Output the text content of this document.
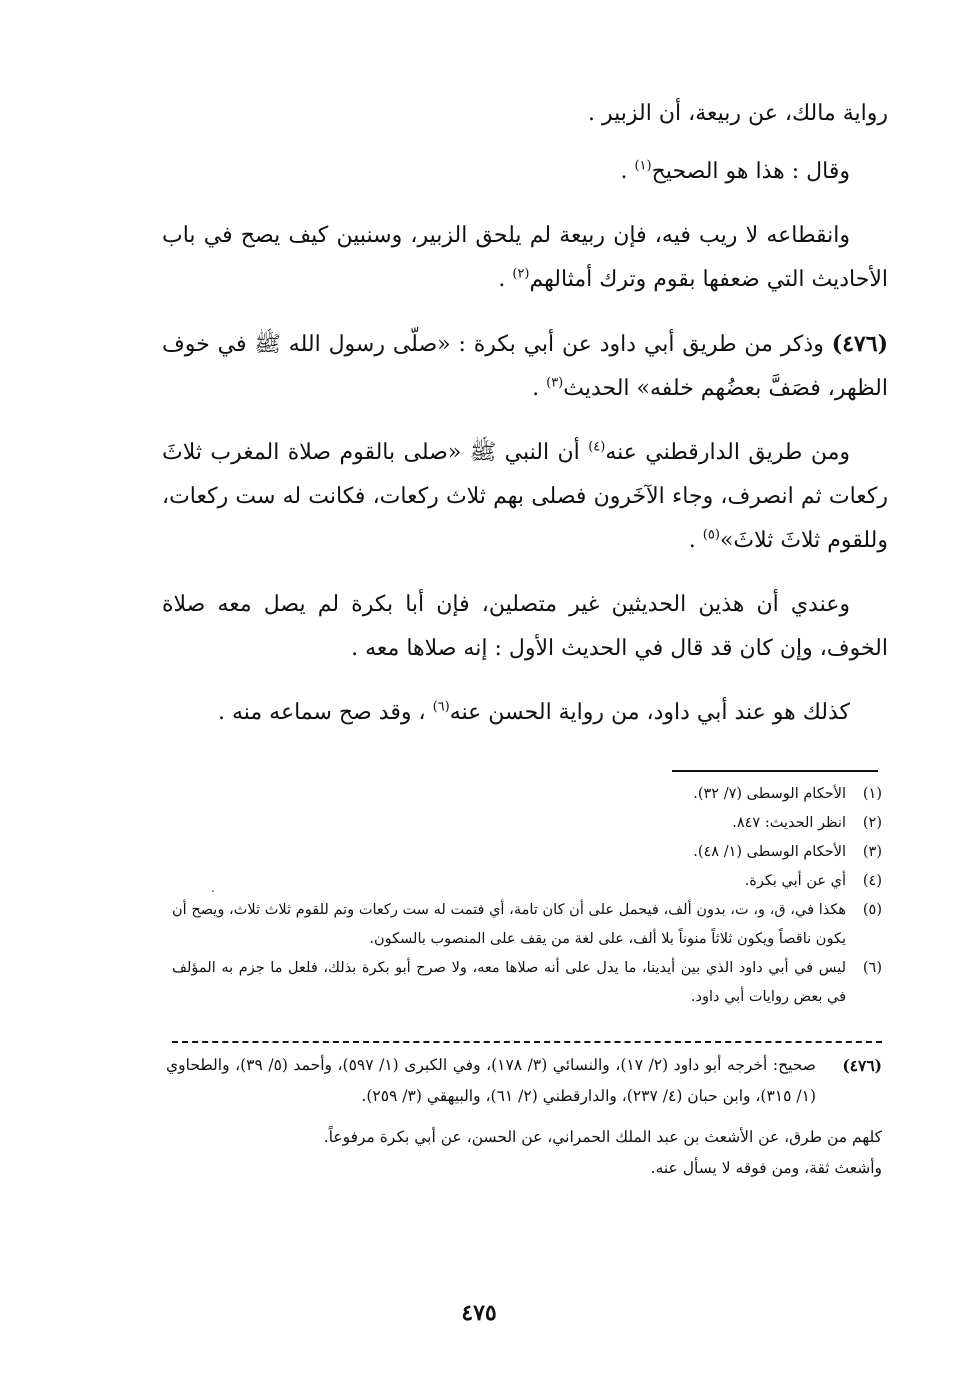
رواية مالك، عن ربيعة، أن الزبير .

وقال : هذا هو الصحيح$^{(١)}$ .

وانقطاعه لا ريب فيه، فإن ربيعة لم يلحق الزبير، وسنبين كيف يصح في باب الأحاديث التي ضعفها بقوم وترك أمثالهم$^{(٢)}$ .

(٤٧٦) وذكر من طريق أبي داود عن أبي بكرة : «صلّى رسول الله ﷺ في خوف الظهر، فصَفَّ بعضُهم خلفه» الحديث$^{(٣)}$ .

ومن طريق الدارقطني عنه$^{(٤)}$ أن النبي ﷺ «صلى بالقوم صلاة المغرب ثلاثَ ركعات ثم انصرف، وجاء الآخَرون فصلى بهم ثلاث ركعات، فكانت له ست ركعات، وللقوم ثلاثَ ثلاثَ»$^{(٥)}$ .

وعندي أن هذين الحديثين غير متصلين، فإن أبا بكرة لم يصل معه صلاة الخوف، وإن كان قد قال في الحديث الأول : إنه صلاها معه .

كذلك هو عند أبي داود، من رواية الحسن عنه$^{(٦)}$ ، وقد صح سماعه منه .

(١)
الأحكام الوسطى (٧/ ٣٢).
(٢)
انظر الحديث: ٨٤٧.
(٣)
الأحكام الوسطى (١/ ٤٨).
(٤)
أي عن أبي بكرة.
(٥)
هكذا في، ق، و، ت، بدون ألف، فيحمل على أن كان تامة، أي فتمت له ست ركعات وتم للقوم ثلاث ثلاث، ويصح أن يكون ناقصاً ويكون ثلاثاً منوناً بلا ألف، على لغة من يقف على المنصوب بالسكون.
(٦)
ليس في أبي داود الذي بين أيدينا، ما يدل على أنه صلاها معه، ولا صرح أبو بكرة بذلك، فلعل ما جزم به المؤلف في بعض روايات أبي داود.
(٤٧٦)
صحيح: أخرجه أبو داود (٢/ ١٧)، والنسائي (٣/ ١٧٨)، وفي الكبرى (١/ ٥٩٧)، وأحمد (٥/ ٣٩)، والطحاوي (١/ ٣١٥)، وابن حبان (٤/ ٢٣٧)، والدارقطني (٢/ ٦١)، والبيهقي (٣/ ٢٥٩).
كلهم من طرق، عن الأشعث بن عبد الملك الحمراني، عن الحسن، عن أبي بكرة مرفوعاً.
وأشعث ثقة، ومن فوقه لا يسأل عنه.
٤٧٥
